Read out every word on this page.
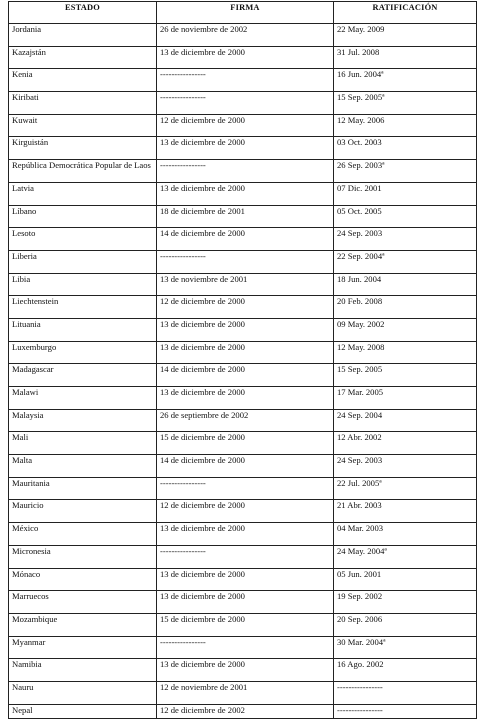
ESTADO	FIRMA	RATIFICACIÓN
Jordania	26 de noviembre de 2002	22 May. 2009
Kazajstán	13 de diciembre de 2000	31 Jul. 2008
Kenia	----------------	16 Jun. 2004ª
Kiribati	----------------	15 Sep. 2005ª
Kuwait	12 de diciembre de 2000	12 May. 2006
Kirguistán	13 de diciembre de 2000	03 Oct. 2003
República Democrática Popular de Laos	----------------	26 Sep. 2003ª
Latvia	13 de diciembre de 2000	07 Dic. 2001
Líbano	18 de diciembre de 2001	05 Oct. 2005
Lesoto	14 de diciembre de 2000	24 Sep. 2003
Liberia	----------------	22 Sep. 2004ª
Libia	13 de noviembre de 2001	18 Jun. 2004
Liechtenstein	12 de diciembre de 2000	20 Feb. 2008
Lituania	13 de diciembre de 2000	09 May. 2002
Luxemburgo	13 de diciembre de 2000	12 May. 2008
Madagascar	14 de diciembre de 2000	15 Sep. 2005
Malawi	13 de diciembre de 2000	17 Mar. 2005
Malaysia	26 de septiembre de 2002	24 Sep. 2004
Mali	15 de diciembre de 2000	12 Abr. 2002
Malta	14 de diciembre de 2000	24 Sep. 2003
Mauritania	----------------	22 Jul. 2005ª
Mauricio	12 de diciembre de 2000	21 Abr. 2003
México	13 de diciembre de 2000	04 Mar. 2003
Micronesia	----------------	24 May. 2004ª
Mónaco	13 de diciembre de 2000	05 Jun. 2001
Marruecos	13 de diciembre de 2000	19 Sep. 2002
Mozambique	15 de diciembre de 2000	20 Sep. 2006
Myanmar	----------------	30 Mar. 2004ª
Namibia	13 de diciembre de 2000	16 Ago. 2002
Nauru	12 de noviembre de 2001	----------------
Nepal	12 de diciembre de 2002	----------------
